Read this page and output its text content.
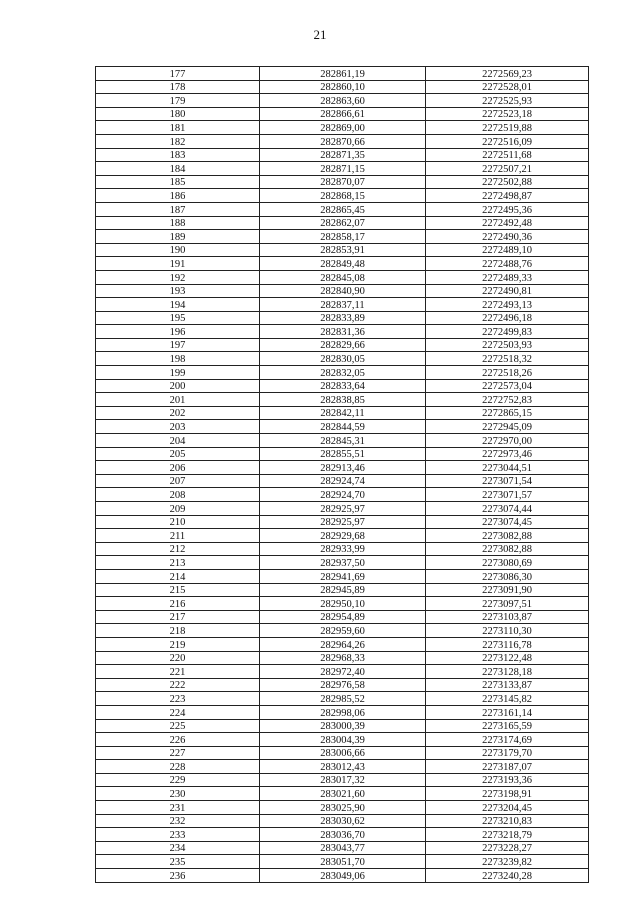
21
177	282861,19	2272569,23
178	282860,10	2272528,01
179	282863,60	2272525,93
180	282866,61	2272523,18
181	282869,00	2272519,88
182	282870,66	2272516,09
183	282871,35	2272511,68
184	282871,15	2272507,21
185	282870,07	2272502,88
186	282868,15	2272498,87
187	282865,45	2272495,36
188	282862,07	2272492,48
189	282858,17	2272490,36
190	282853,91	2272489,10
191	282849,48	2272488,76
192	282845,08	2272489,33
193	282840,90	2272490,81
194	282837,11	2272493,13
195	282833,89	2272496,18
196	282831,36	2272499,83
197	282829,66	2272503,93
198	282830,05	2272518,32
199	282832,05	2272518,26
200	282833,64	2272573,04
201	282838,85	2272752,83
202	282842,11	2272865,15
203	282844,59	2272945,09
204	282845,31	2272970,00
205	282855,51	2272973,46
206	282913,46	2273044,51
207	282924,74	2273071,54
208	282924,70	2273071,57
209	282925,97	2273074,44
210	282925,97	2273074,45
211	282929,68	2273082,88
212	282933,99	2273082,88
213	282937,50	2273080,69
214	282941,69	2273086,30
215	282945,89	2273091,90
216	282950,10	2273097,51
217	282954,89	2273103,87
218	282959,60	2273110,30
219	282964,26	2273116,78
220	282968,33	2273122,48
221	282972,40	2273128,18
222	282976,58	2273133,87
223	282985,52	2273145,82
224	282998,06	2273161,14
225	283000,39	2273165,59
226	283004,39	2273174,69
227	283006,66	2273179,70
228	283012,43	2273187,07
229	283017,32	2273193,36
230	283021,60	2273198,91
231	283025,90	2273204,45
232	283030,62	2273210,83
233	283036,70	2273218,79
234	283043,77	2273228,27
235	283051,70	2273239,82
236	283049,06	2273240,28
